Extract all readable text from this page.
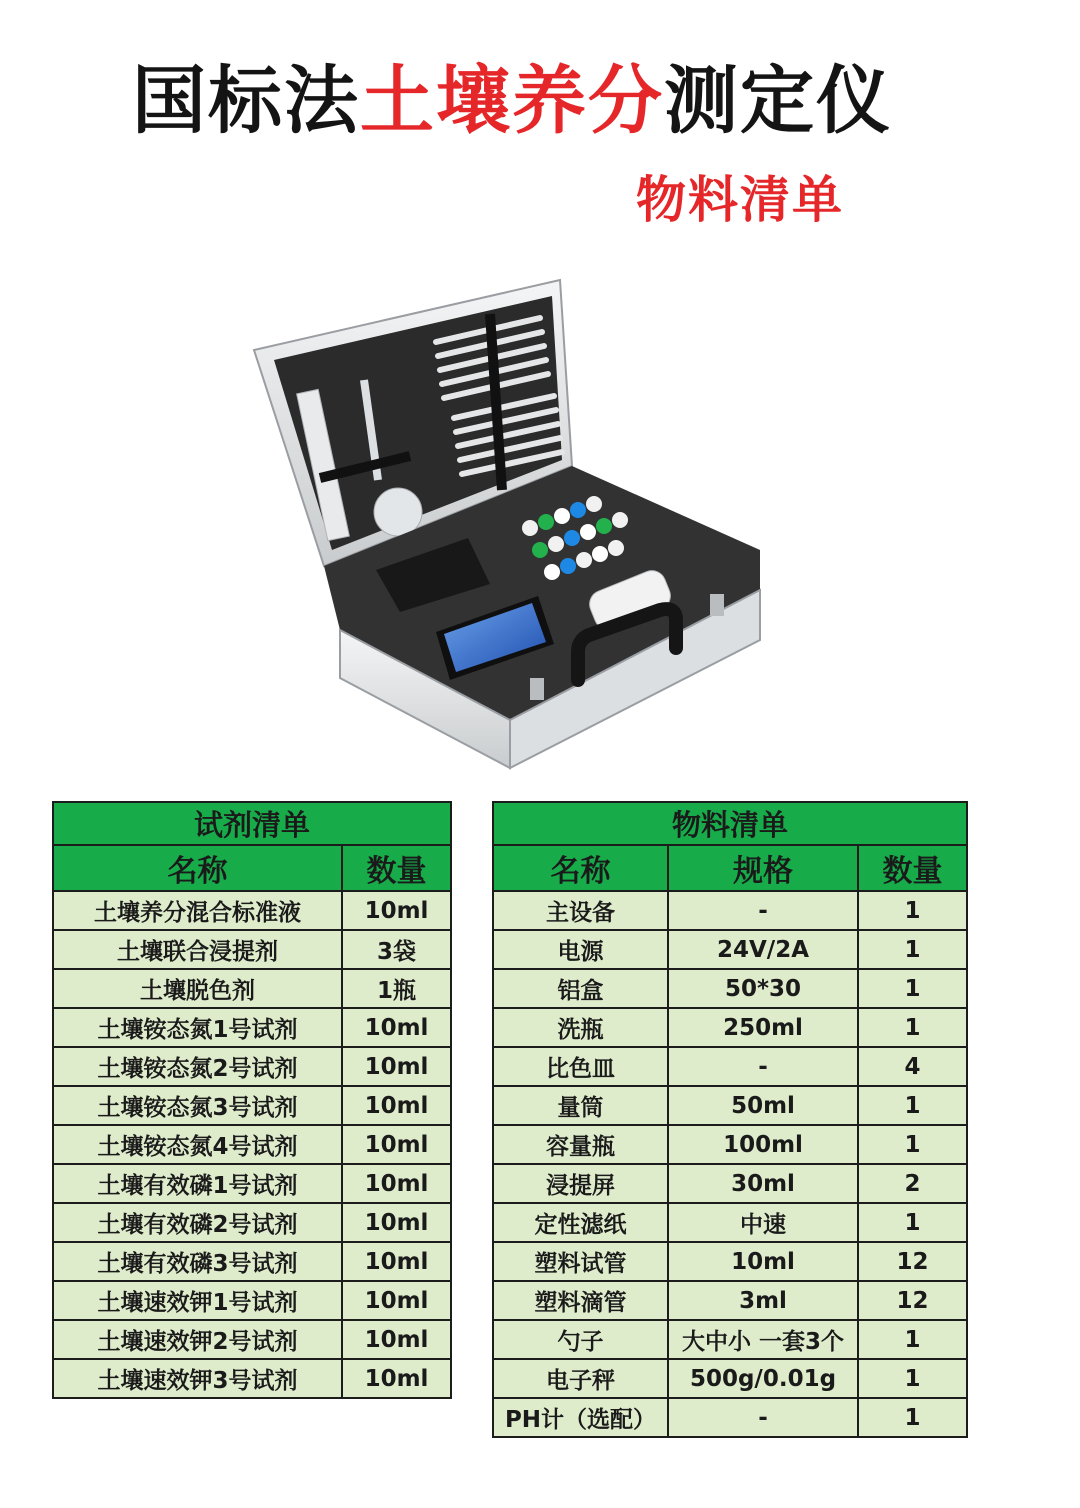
国标法土壤养分测定仪
物料清单
试剂清单	
名称	数量
土壤养分混合标准液	10ml
土壤联合浸提剂	3袋
土壤脱色剂	1瓶
土壤铵态氮1号试剂	10ml
土壤铵态氮2号试剂	10ml
土壤铵态氮3号试剂	10ml
土壤铵态氮4号试剂	10ml
土壤有效磷1号试剂	10ml
土壤有效磷2号试剂	10ml
土壤有效磷3号试剂	10ml
土壤速效钾1号试剂	10ml
土壤速效钾2号试剂	10ml
土壤速效钾3号试剂	10ml
物料清单		
名称	规格	数量
主设备	-	1
电源	24V/2A	1
铝盒	50*30	1
洗瓶	250ml	1
比色皿	-	4
量筒	50ml	1
容量瓶	100ml	1
浸提屏	30ml	2
定性滤纸	中速	1
塑料试管	10ml	12
塑料滴管	3ml	12
勺子	大中小 一套3个	1
电子秤	500g/0.01g	1
PH计（选配）	-	1
